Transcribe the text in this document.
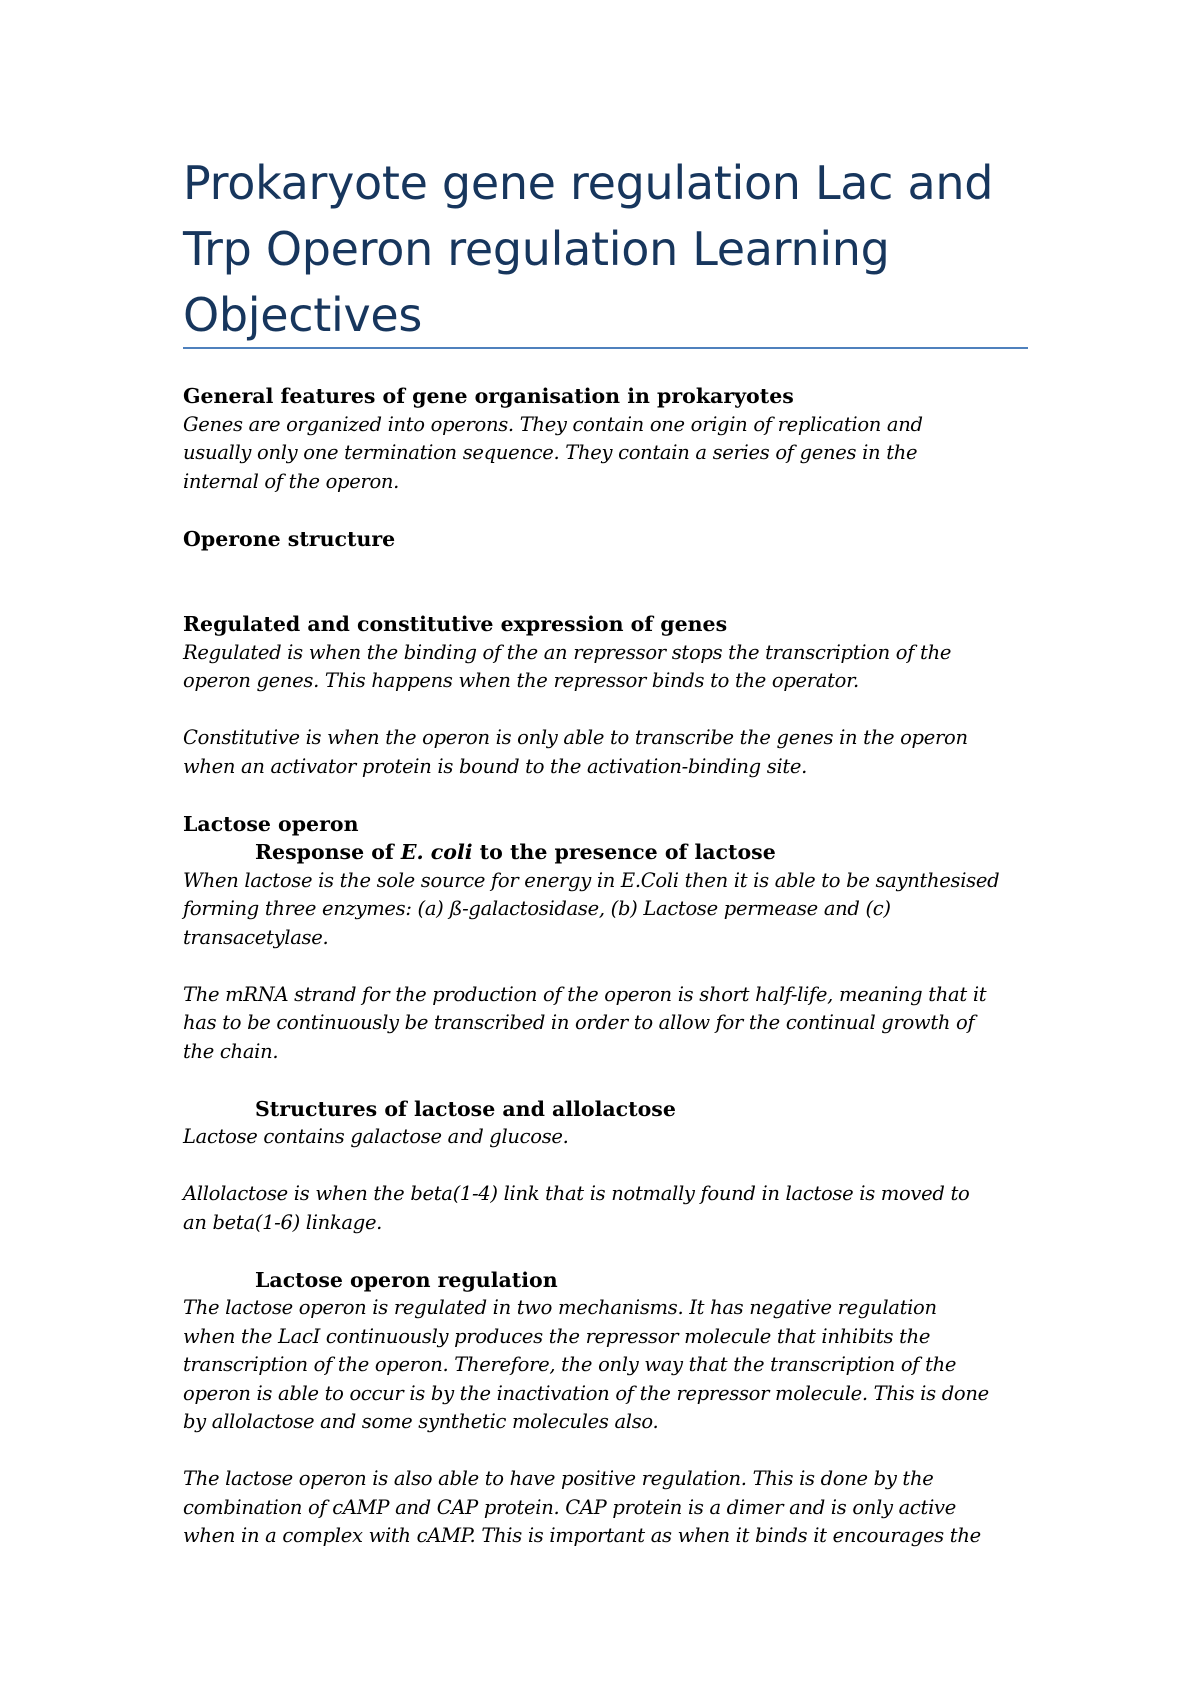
Prokaryote gene regulation Lac and
Trp Operon regulation Learning
Objectives

General features of gene organisation in prokaryotes

Genes are organized into operons. They contain one origin of replication and

usually only one termination sequence. They contain a series of genes in the

internal of the operon.

Operone structure

Regulated and constitutive expression of genes

Regulated is when the binding of the an repressor stops the transcription of the

operon genes. This happens when the repressor binds to the operator.

Constitutive is when the operon is only able to transcribe the genes in the operon

when an activator protein is bound to the activation-binding site.

Lactose operon

Response of E. coli to the presence of lactose

When lactose is the sole source for energy in E.Coli then it is able to be saynthesised

forming three enzymes: (a) ß-galactosidase, (b) Lactose permease and (c)

transacetylase.

The mRNA strand for the production of the operon is short half-life, meaning that it

has to be continuously be transcribed in order to allow for the continual growth of

the chain.

Structures of lactose and allolactose

Lactose contains galactose and glucose.

Allolactose is when the beta(1-4) link that is notmally found in lactose is moved to

an beta(1-6) linkage.

Lactose operon regulation

The lactose operon is regulated in two mechanisms. It has negative regulation

when the LacI continuously produces the repressor molecule that inhibits the

transcription of the operon. Therefore, the only way that the transcription of the

operon is able to occur is by the inactivation of the repressor molecule. This is done

by allolactose and some synthetic molecules also.

The lactose operon is also able to have positive regulation. This is done by the

combination of cAMP and CAP protein. CAP protein is a dimer and is only active

when in a complex with cAMP. This is important as when it binds it encourages the
